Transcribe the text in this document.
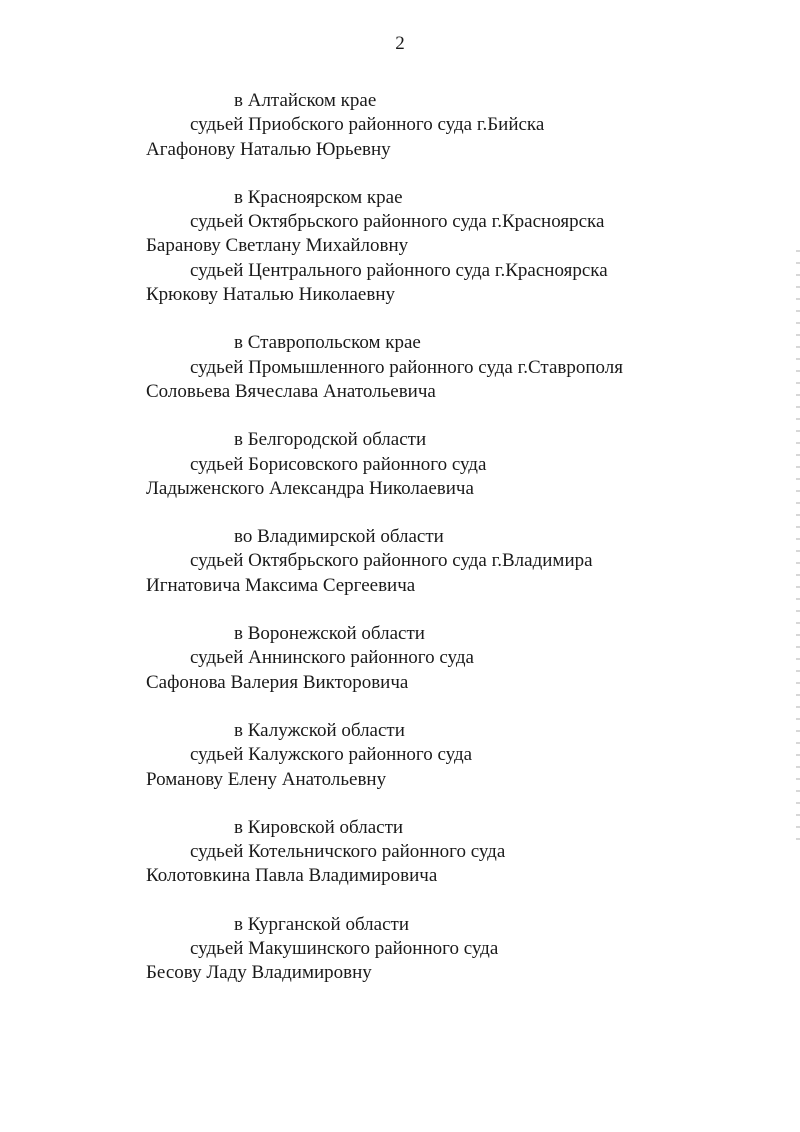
2
в Алтайском крае
судьей Приобского районного суда г.Бийска
Агафонову Наталью Юрьевну
в Красноярском крае
судьей Октябрьского районного суда г.Красноярска
Баранову Светлану Михайловну
судьей Центрального районного суда г.Красноярска
Крюкову Наталью Николаевну
в Ставропольском крае
судьей Промышленного районного суда г.Ставрополя
Соловьева Вячеслава Анатольевича
в Белгородской области
судьей Борисовского районного суда
Ладыженского Александра Николаевича
во Владимирской области
судьей Октябрьского районного суда г.Владимира
Игнатовича Максима Сергеевича
в Воронежской области
судьей Аннинского районного суда
Сафонова Валерия Викторовича
в Калужской области
судьей Калужского районного суда
Романову Елену Анатольевну
в Кировской области
судьей Котельничского районного суда
Колотовкина Павла Владимировича
в Курганской области
судьей Макушинского районного суда
Бесову Ладу Владимировну
